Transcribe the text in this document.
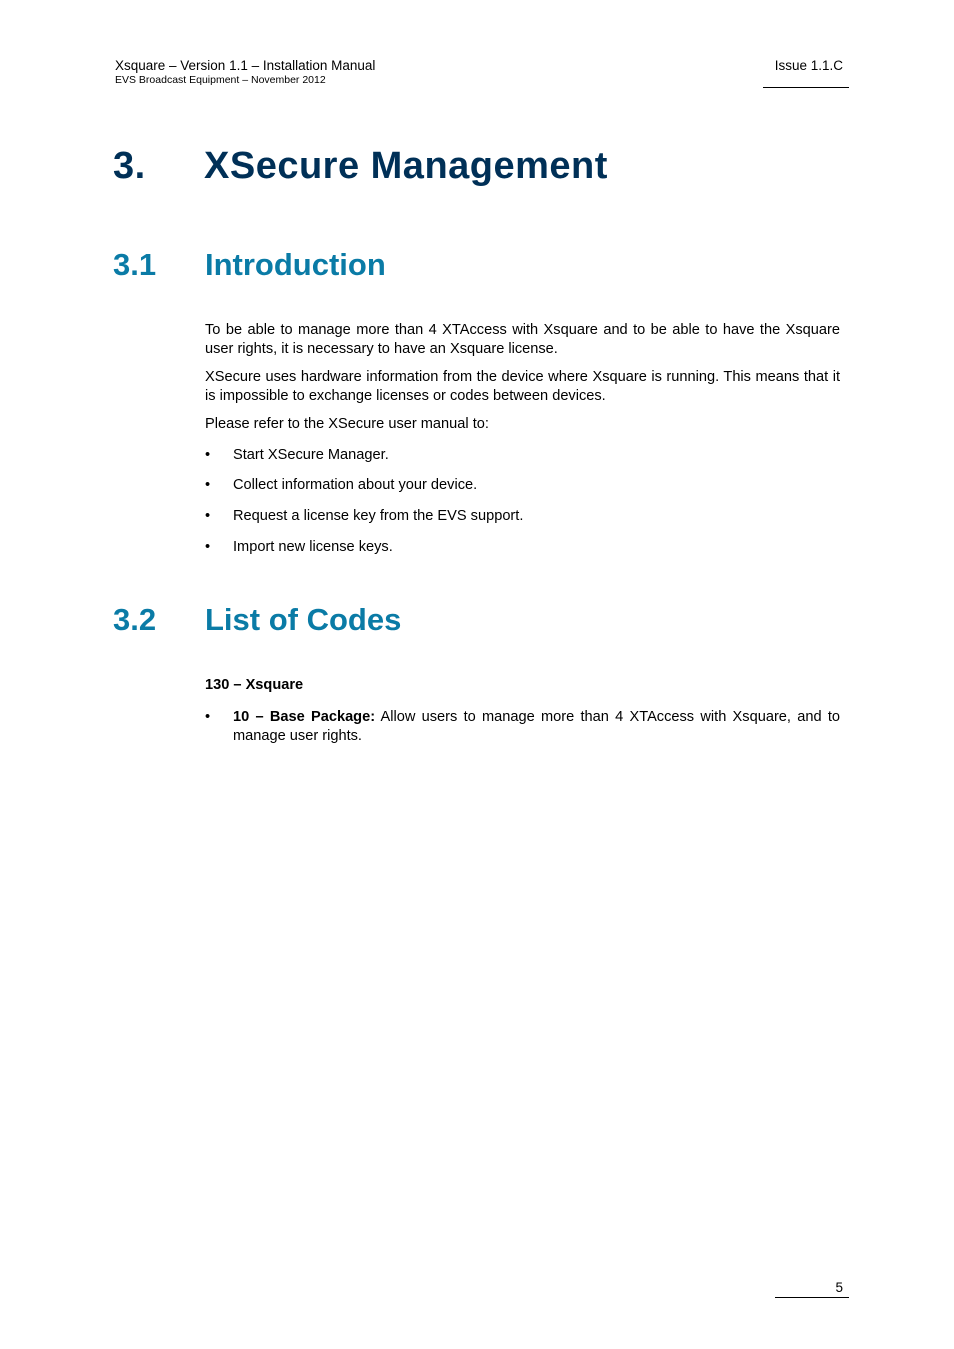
Xsquare – Version 1.1 – Installation Manual
EVS Broadcast Equipment – November 2012
Issue 1.1.C
3. XSecure Management
3.1 Introduction
To be able to manage more than 4 XTAccess with Xsquare and to be able to have the Xsquare user rights, it is necessary to have an Xsquare license.
XSecure uses hardware information from the device where Xsquare is running. This means that it is impossible to exchange licenses or codes between devices.
Please refer to the XSecure user manual to:
•	Start XSecure Manager.
•	Collect information about your device.
•	Request a license key from the EVS support.
•	Import new license keys.
3.2 List of Codes
130 – Xsquare
•	10 – Base Package: Allow users to manage more than 4 XTAccess with Xsquare, and to manage user rights.
5
